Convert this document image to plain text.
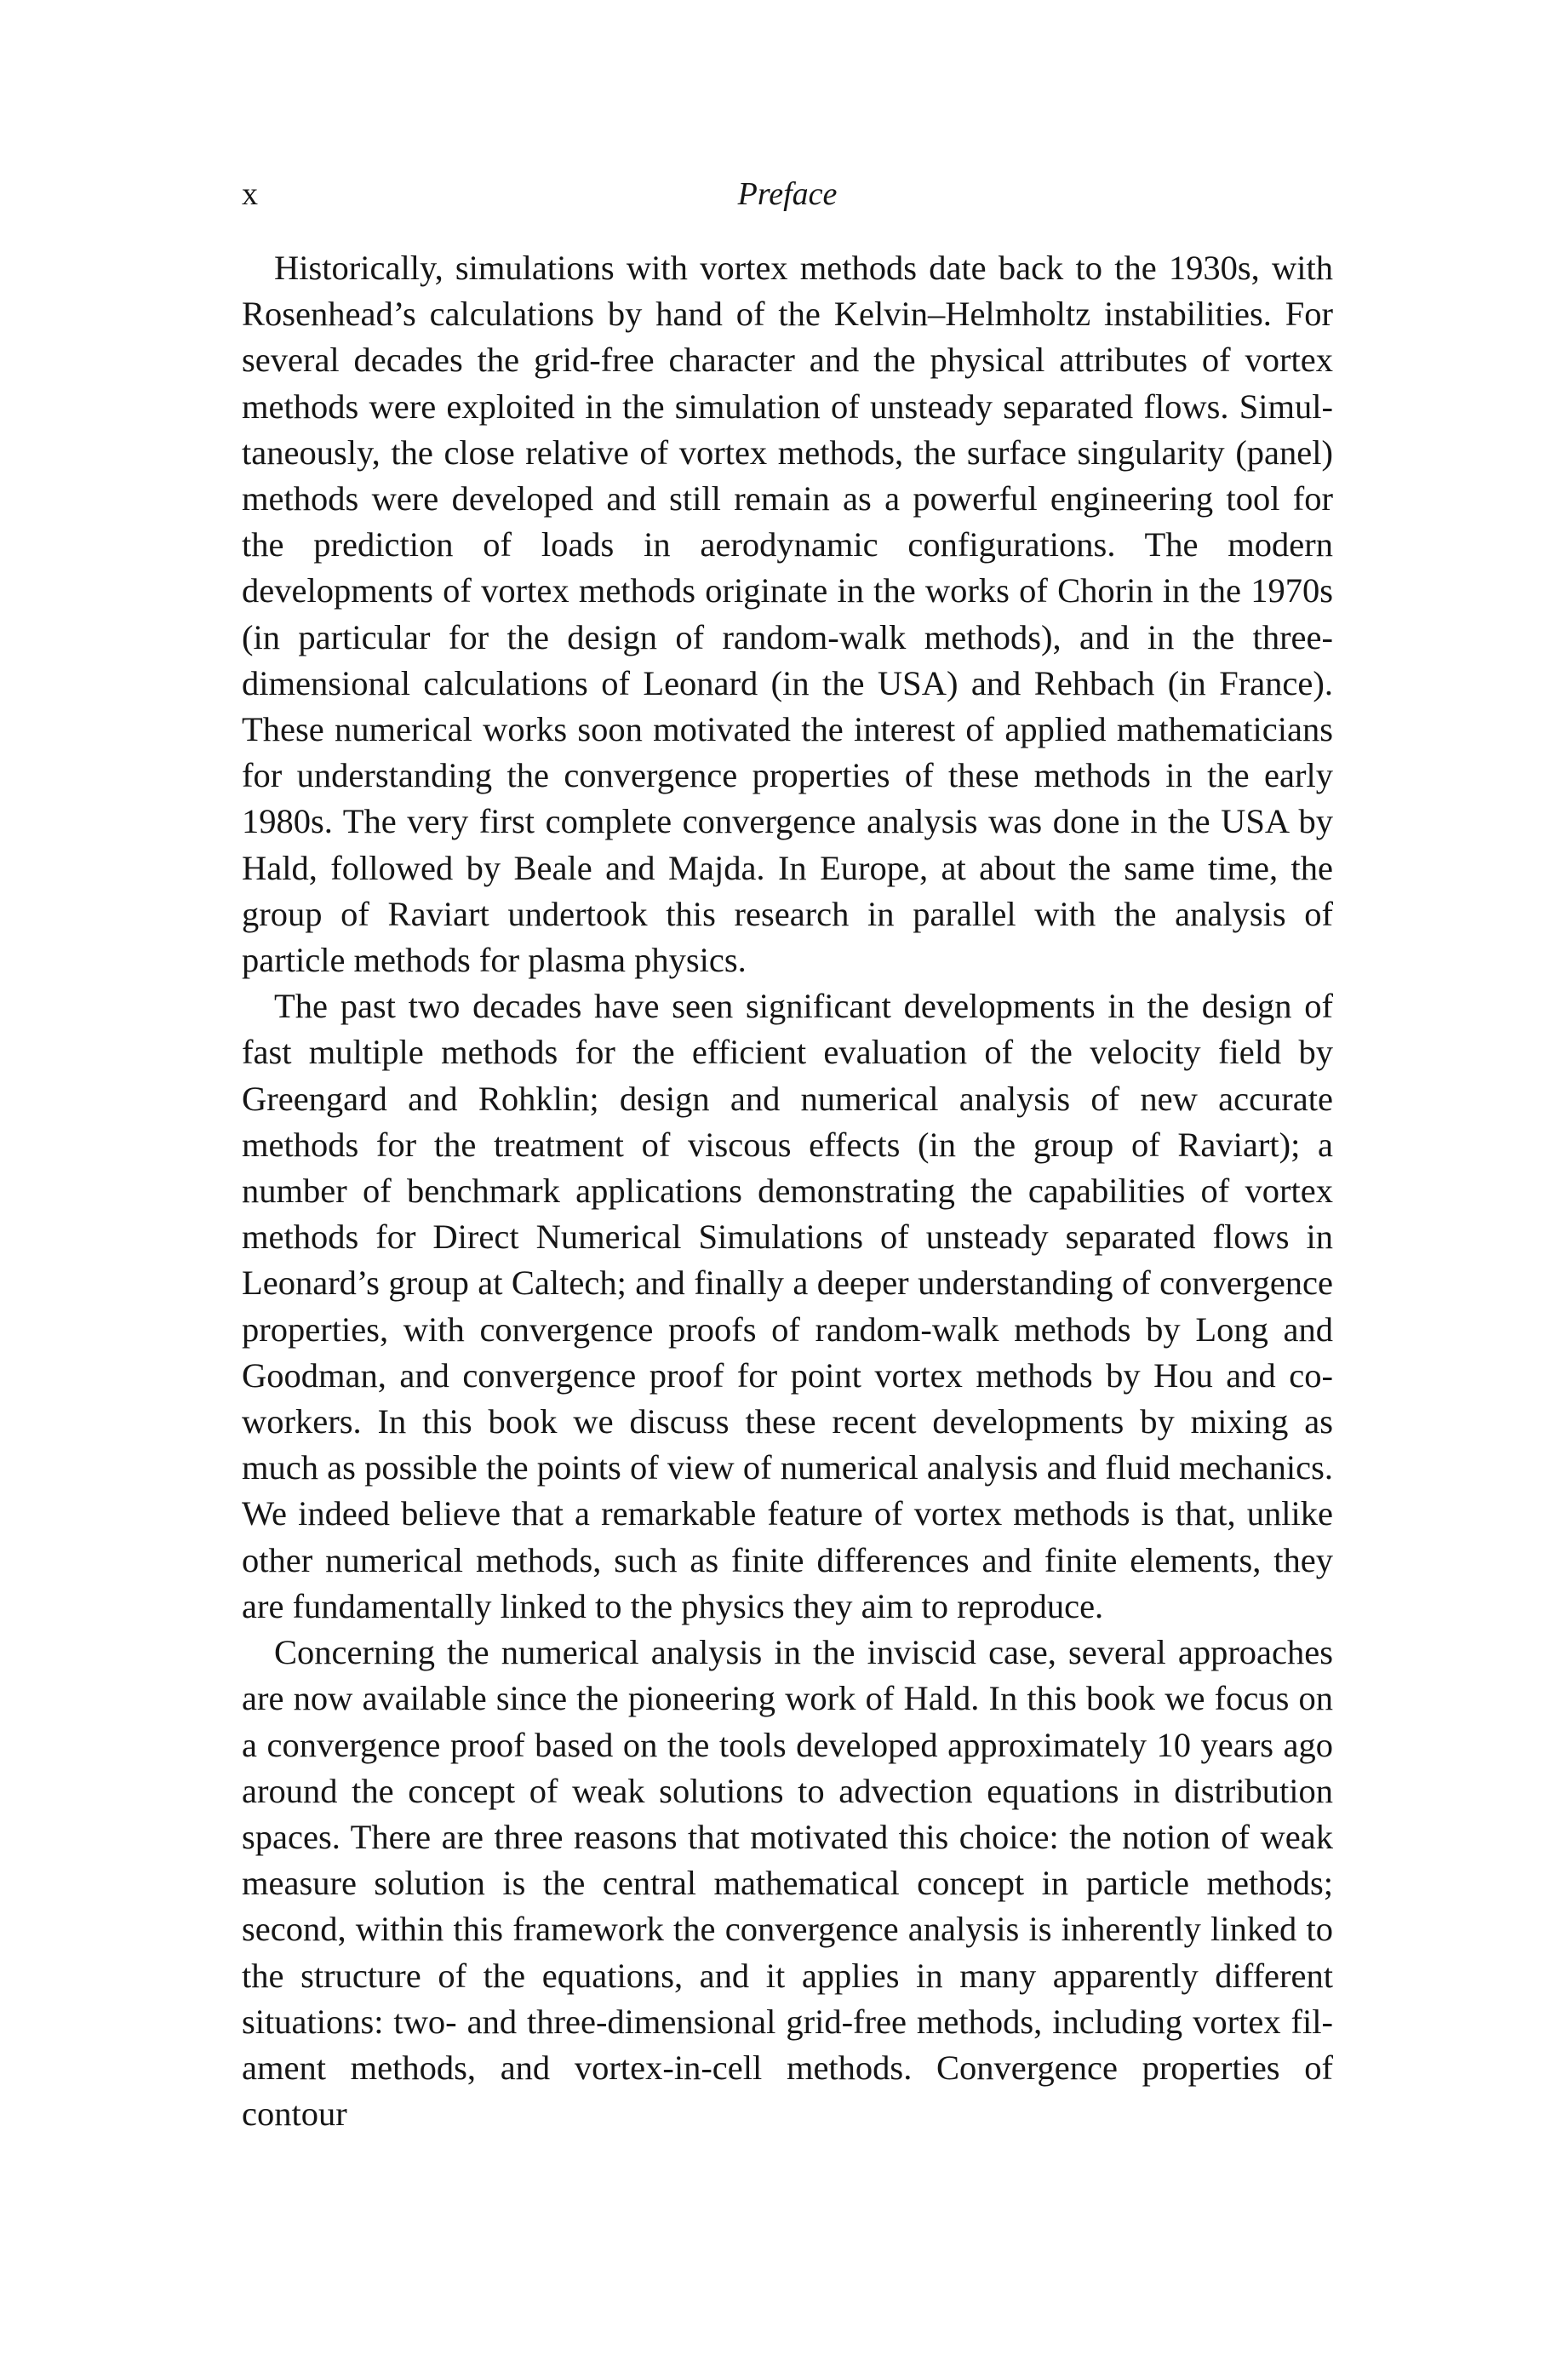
x	Preface

Historically, simulations with vortex methods date back to the 1930s, with Rosenhead’s calculations by hand of the Kelvin–Helmholtz instabilities. For several decades the grid-free character and the physical attributes of vortex methods were exploited in the simulation of unsteady separated flows. Simultaneously, the close relative of vortex methods, the surface singularity (panel) methods were developed and still remain as a powerful engineering tool for the prediction of loads in aerodynamic configurations. The modern developments of vortex methods originate in the works of Chorin in the 1970s (in particular for the design of random-walk methods), and in the three-dimensional calculations of Leonard (in the USA) and Rehbach (in France). These numerical works soon motivated the interest of applied mathematicians for understanding the convergence properties of these methods in the early 1980s. The very first complete convergence analysis was done in the USA by Hald, followed by Beale and Majda. In Europe, at about the same time, the group of Raviart undertook this research in parallel with the analysis of particle methods for plasma physics.

The past two decades have seen significant developments in the design of fast multiple methods for the efficient evaluation of the velocity field by Greengard and Rohklin; design and numerical analysis of new accurate methods for the treatment of viscous effects (in the group of Raviart); a number of benchmark applications demonstrating the capabilities of vortex methods for Direct Numerical Simulations of unsteady separated flows in Leonard’s group at Caltech; and finally a deeper understanding of convergence properties, with convergence proofs of random-walk methods by Long and Goodman, and convergence proof for point vortex methods by Hou and co-workers. In this book we discuss these recent developments by mixing as much as possible the points of view of numerical analysis and fluid mechanics. We indeed believe that a remarkable feature of vortex methods is that, unlike other numerical methods, such as finite differences and finite elements, they are fundamentally linked to the physics they aim to reproduce.

Concerning the numerical analysis in the inviscid case, several approaches are now available since the pioneering work of Hald. In this book we focus on a convergence proof based on the tools developed approximately 10 years ago around the concept of weak solutions to advection equations in distribution spaces. There are three reasons that motivated this choice: the notion of weak measure solution is the central mathematical concept in particle methods; second, within this framework the convergence analysis is inherently linked to the structure of the equations, and it applies in many apparently different situations: two- and three-dimensional grid-free methods, including vortex filament methods, and vortex-in-cell methods. Convergence properties of contour
